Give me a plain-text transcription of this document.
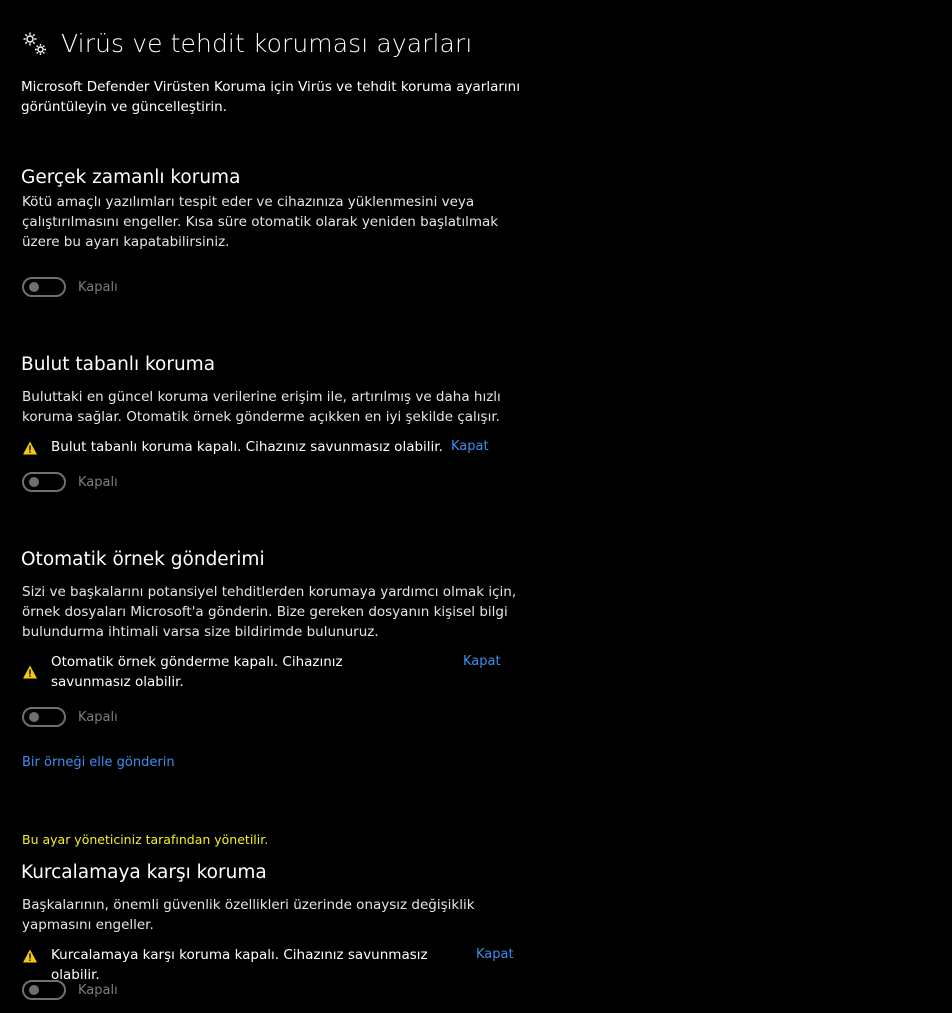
Virüs ve tehdit koruması ayarları
Microsoft Defender Virüsten Koruma için Virüs ve tehdit koruma ayarlarını görüntüleyin ve güncelleştirin.
Gerçek zamanlı koruma
Kötü amaçlı yazılımları tespit eder ve cihazınıza yüklenmesini veya çalıştırılmasını engeller. Kısa süre otomatik olarak yeniden başlatılmak üzere bu ayarı kapatabilirsiniz.
Kapalı
Bulut tabanlı koruma
Buluttaki en güncel koruma verilerine erişim ile, artırılmış ve daha hızlı koruma sağlar. Otomatik örnek gönderme açıkken en iyi şekilde çalışır.
Bulut tabanlı koruma kapalı. Cihazınız savunmasız olabilir. Kapat
Kapalı
Otomatik örnek gönderimi
Sizi ve başkalarını potansiyel tehditlerden korumaya yardımcı olmak için, örnek dosyaları Microsoft'a gönderin. Bize gereken dosyanın kişisel bilgi bulundurma ihtimali varsa size bildirimde bulunuruz.
Otomatik örnek gönderme kapalı. Cihazınız savunmasız olabilir.
Kapat
Kapalı
Bir örneği elle gönderin
Bu ayar yöneticiniz tarafından yönetilir.
Kurcalamaya karşı koruma
Başkalarının, önemli güvenlik özellikleri üzerinde onaysız değişiklik yapmasını engeller.
Kurcalamaya karşı koruma kapalı. Cihazınız savunmasız olabilir.
Kapat
Kapalı
